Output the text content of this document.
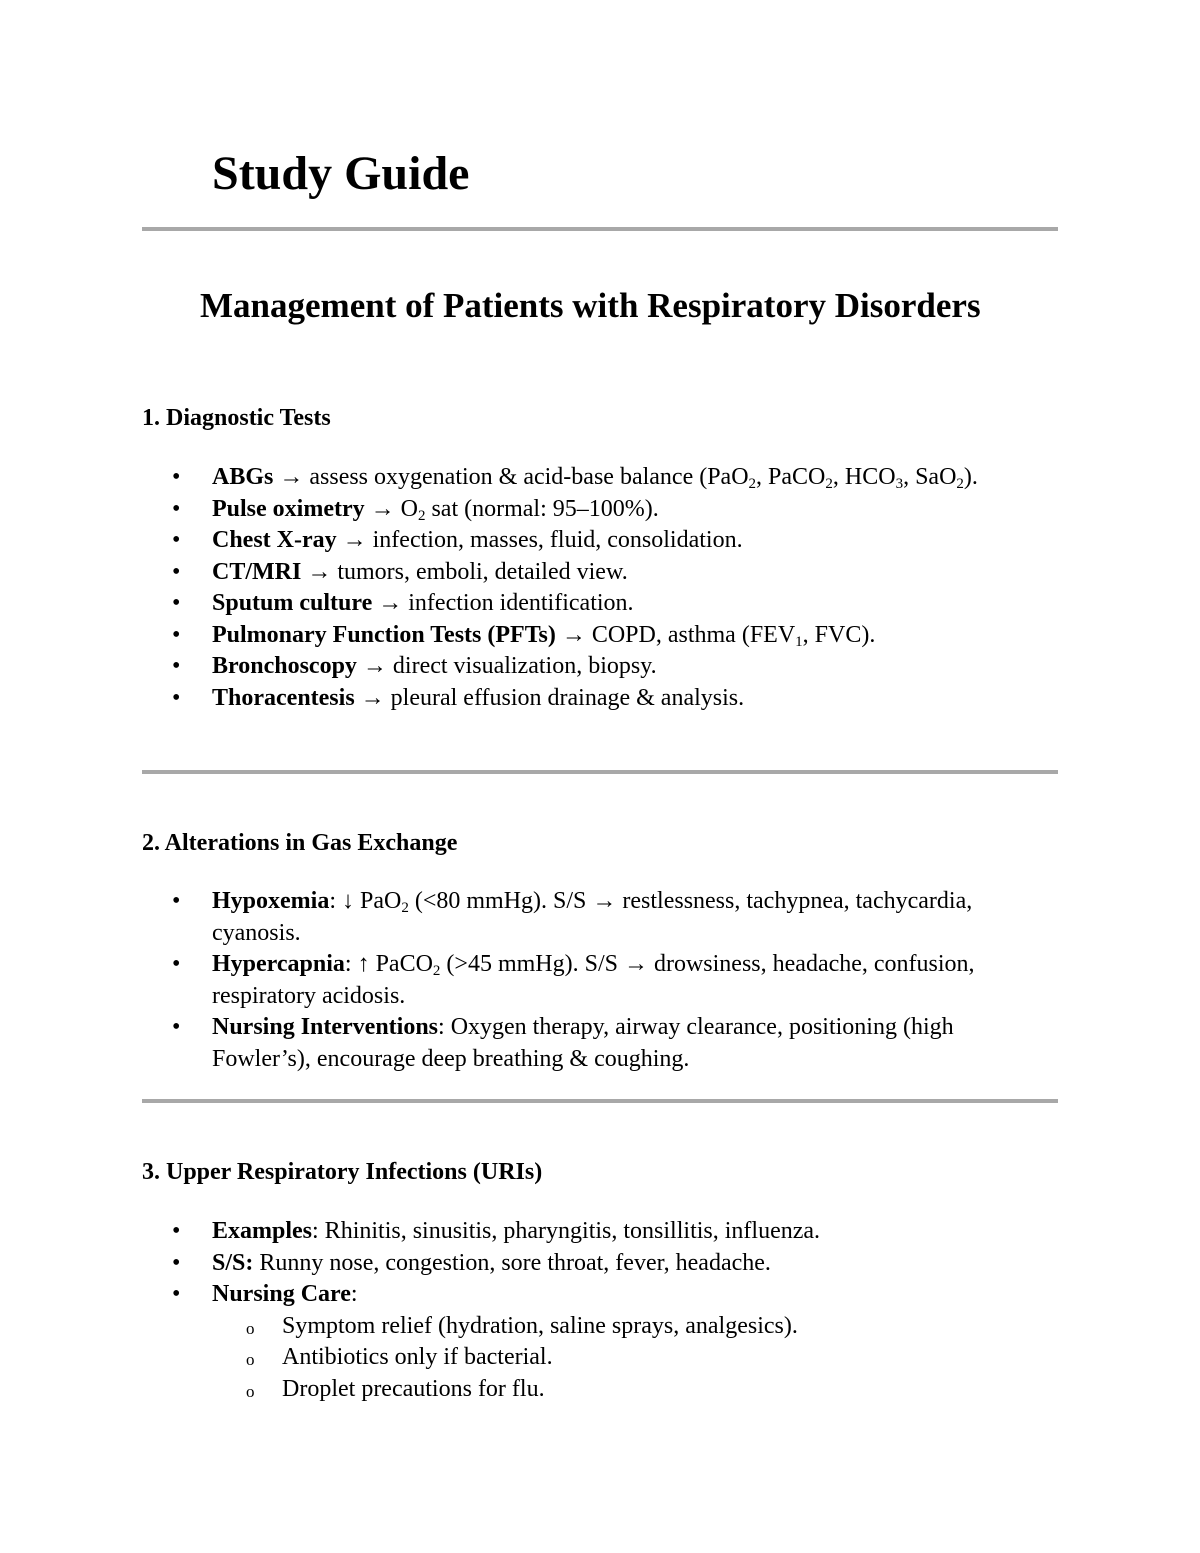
Study Guide
Management of Patients with Respiratory Disorders
1. Diagnostic Tests
• ABGs → assess oxygenation & acid-base balance (PaO$_2$, PaCO$_2$, $HCO_3$, SaO$_2$).
• Pulse oximetry → $O_2$ sat (normal: 95–100%).
• Chest X-ray → infection, masses, fluid, consolidation.
• CT/MRI → tumors, emboli, detailed view.
• Sputum culture → infection identification.
• Pulmonary Function Tests (PFTs) → COPD, asthma ($FEV_1$, FVC).
• Bronchoscopy → direct visualization, biopsy.
• Thoracentesis → pleural effusion drainage & analysis.
2. Alterations in Gas Exchange
• Hypoxemia: ↓ PaO$_2$ (<80 mmHg). S/S → restlessness, tachypnea, tachycardia, cyanosis.
• Hypercapnia: ↑ PaCO$_2$ (>45 mmHg). S/S → drowsiness, headache, confusion, respiratory acidosis.
• Nursing Interventions: Oxygen therapy, airway clearance, positioning (high Fowler’s), encourage deep breathing & coughing.
3. Upper Respiratory Infections (URIs)
• Examples: Rhinitis, sinusitis, pharyngitis, tonsillitis, influenza.
• S/S: Runny nose, congestion, sore throat, fever, headache.
• Nursing Care:
o Symptom relief (hydration, saline sprays, analgesics).
o Antibiotics only if bacterial.
o Droplet precautions for flu.
